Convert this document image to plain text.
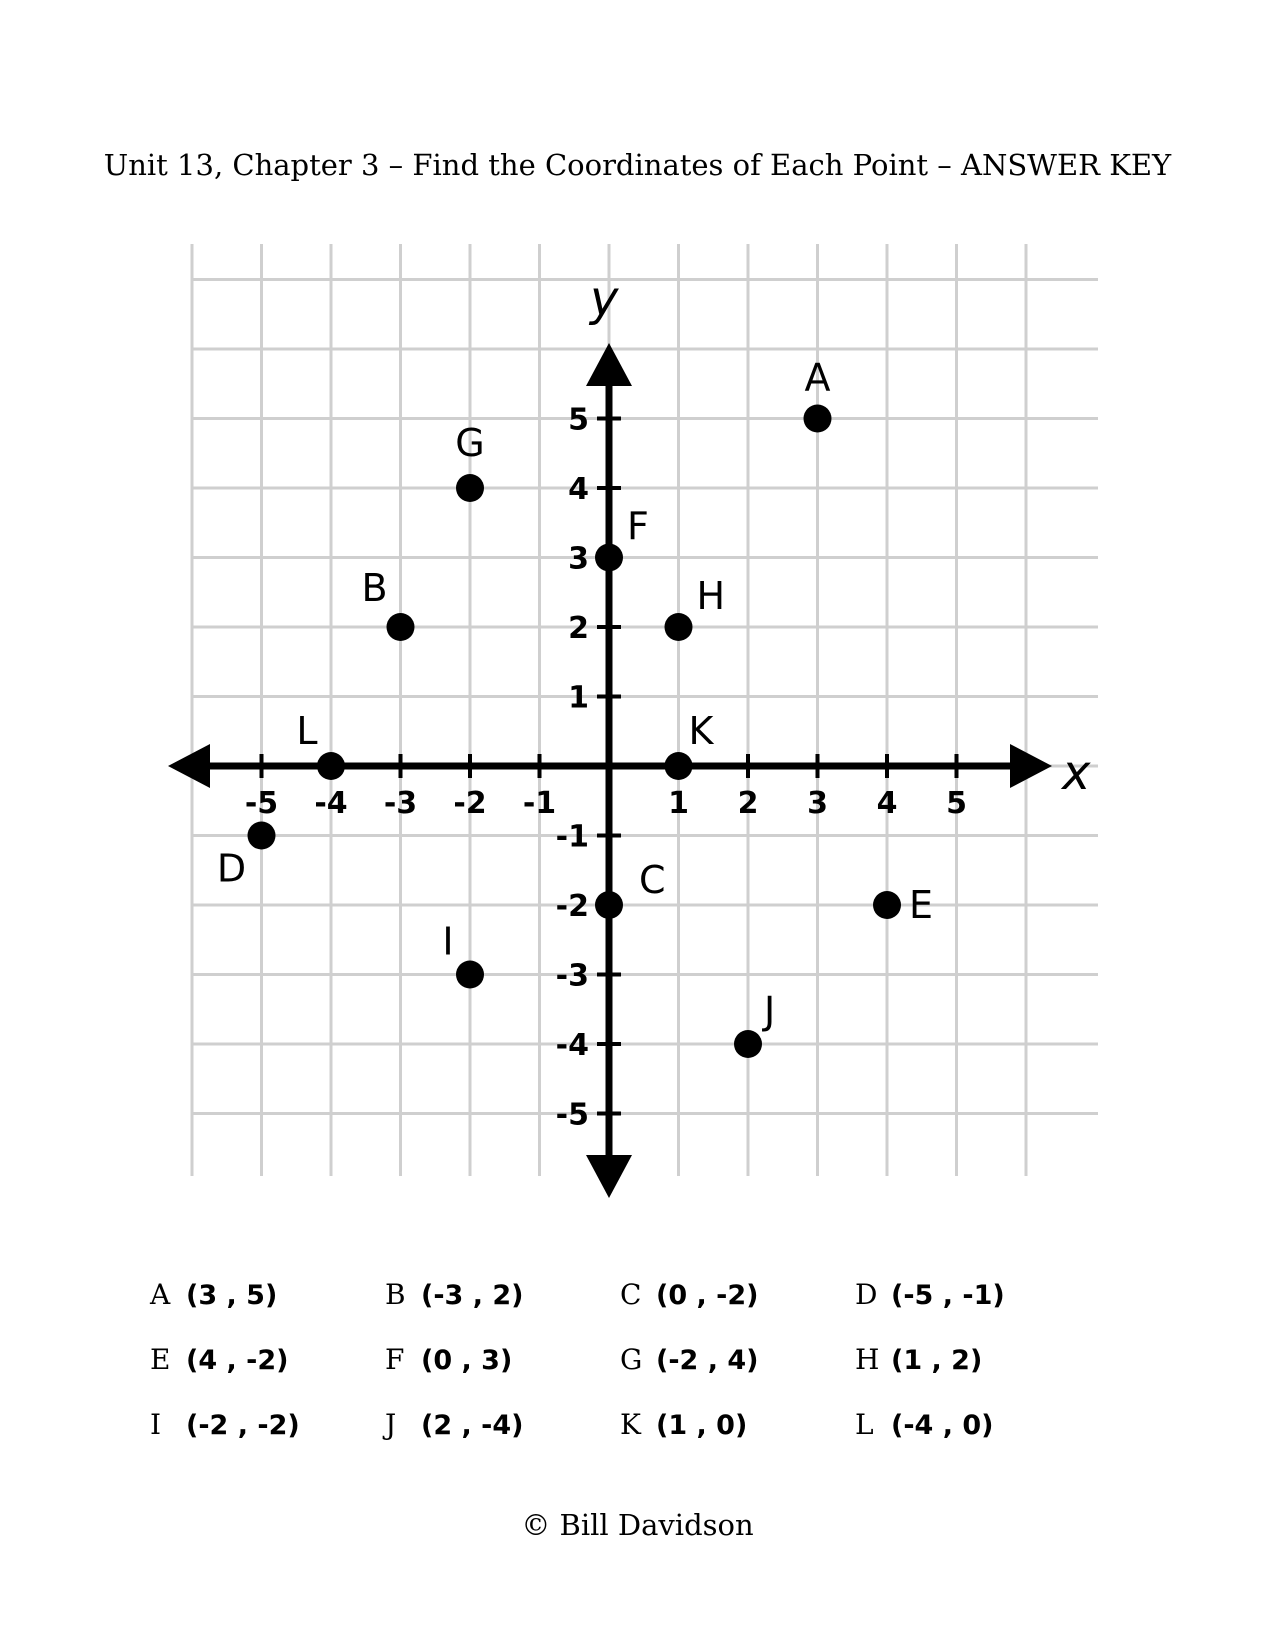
Unit 13, Chapter 3 – Find the Coordinates of Each Point – ANSWER KEY
-5 -4 -3 -2 -1	1 2 3 4 5
5
4
3
2
1
-1
-2
-3
-4
-5
A
B
C
D
E
F
G
H
I
J
K
L
x
y
A (3 , 5)	B (-3 , 2)	C (0 , -2)	D (-5 , -1)
E (4 , -2)	F (0 , 3)	G (-2 , 4)	H (1 , 2)
I (-2 , -2)	J (2 , -4)	K (1 , 0)	L (-4 , 0)
© Bill Davidson
